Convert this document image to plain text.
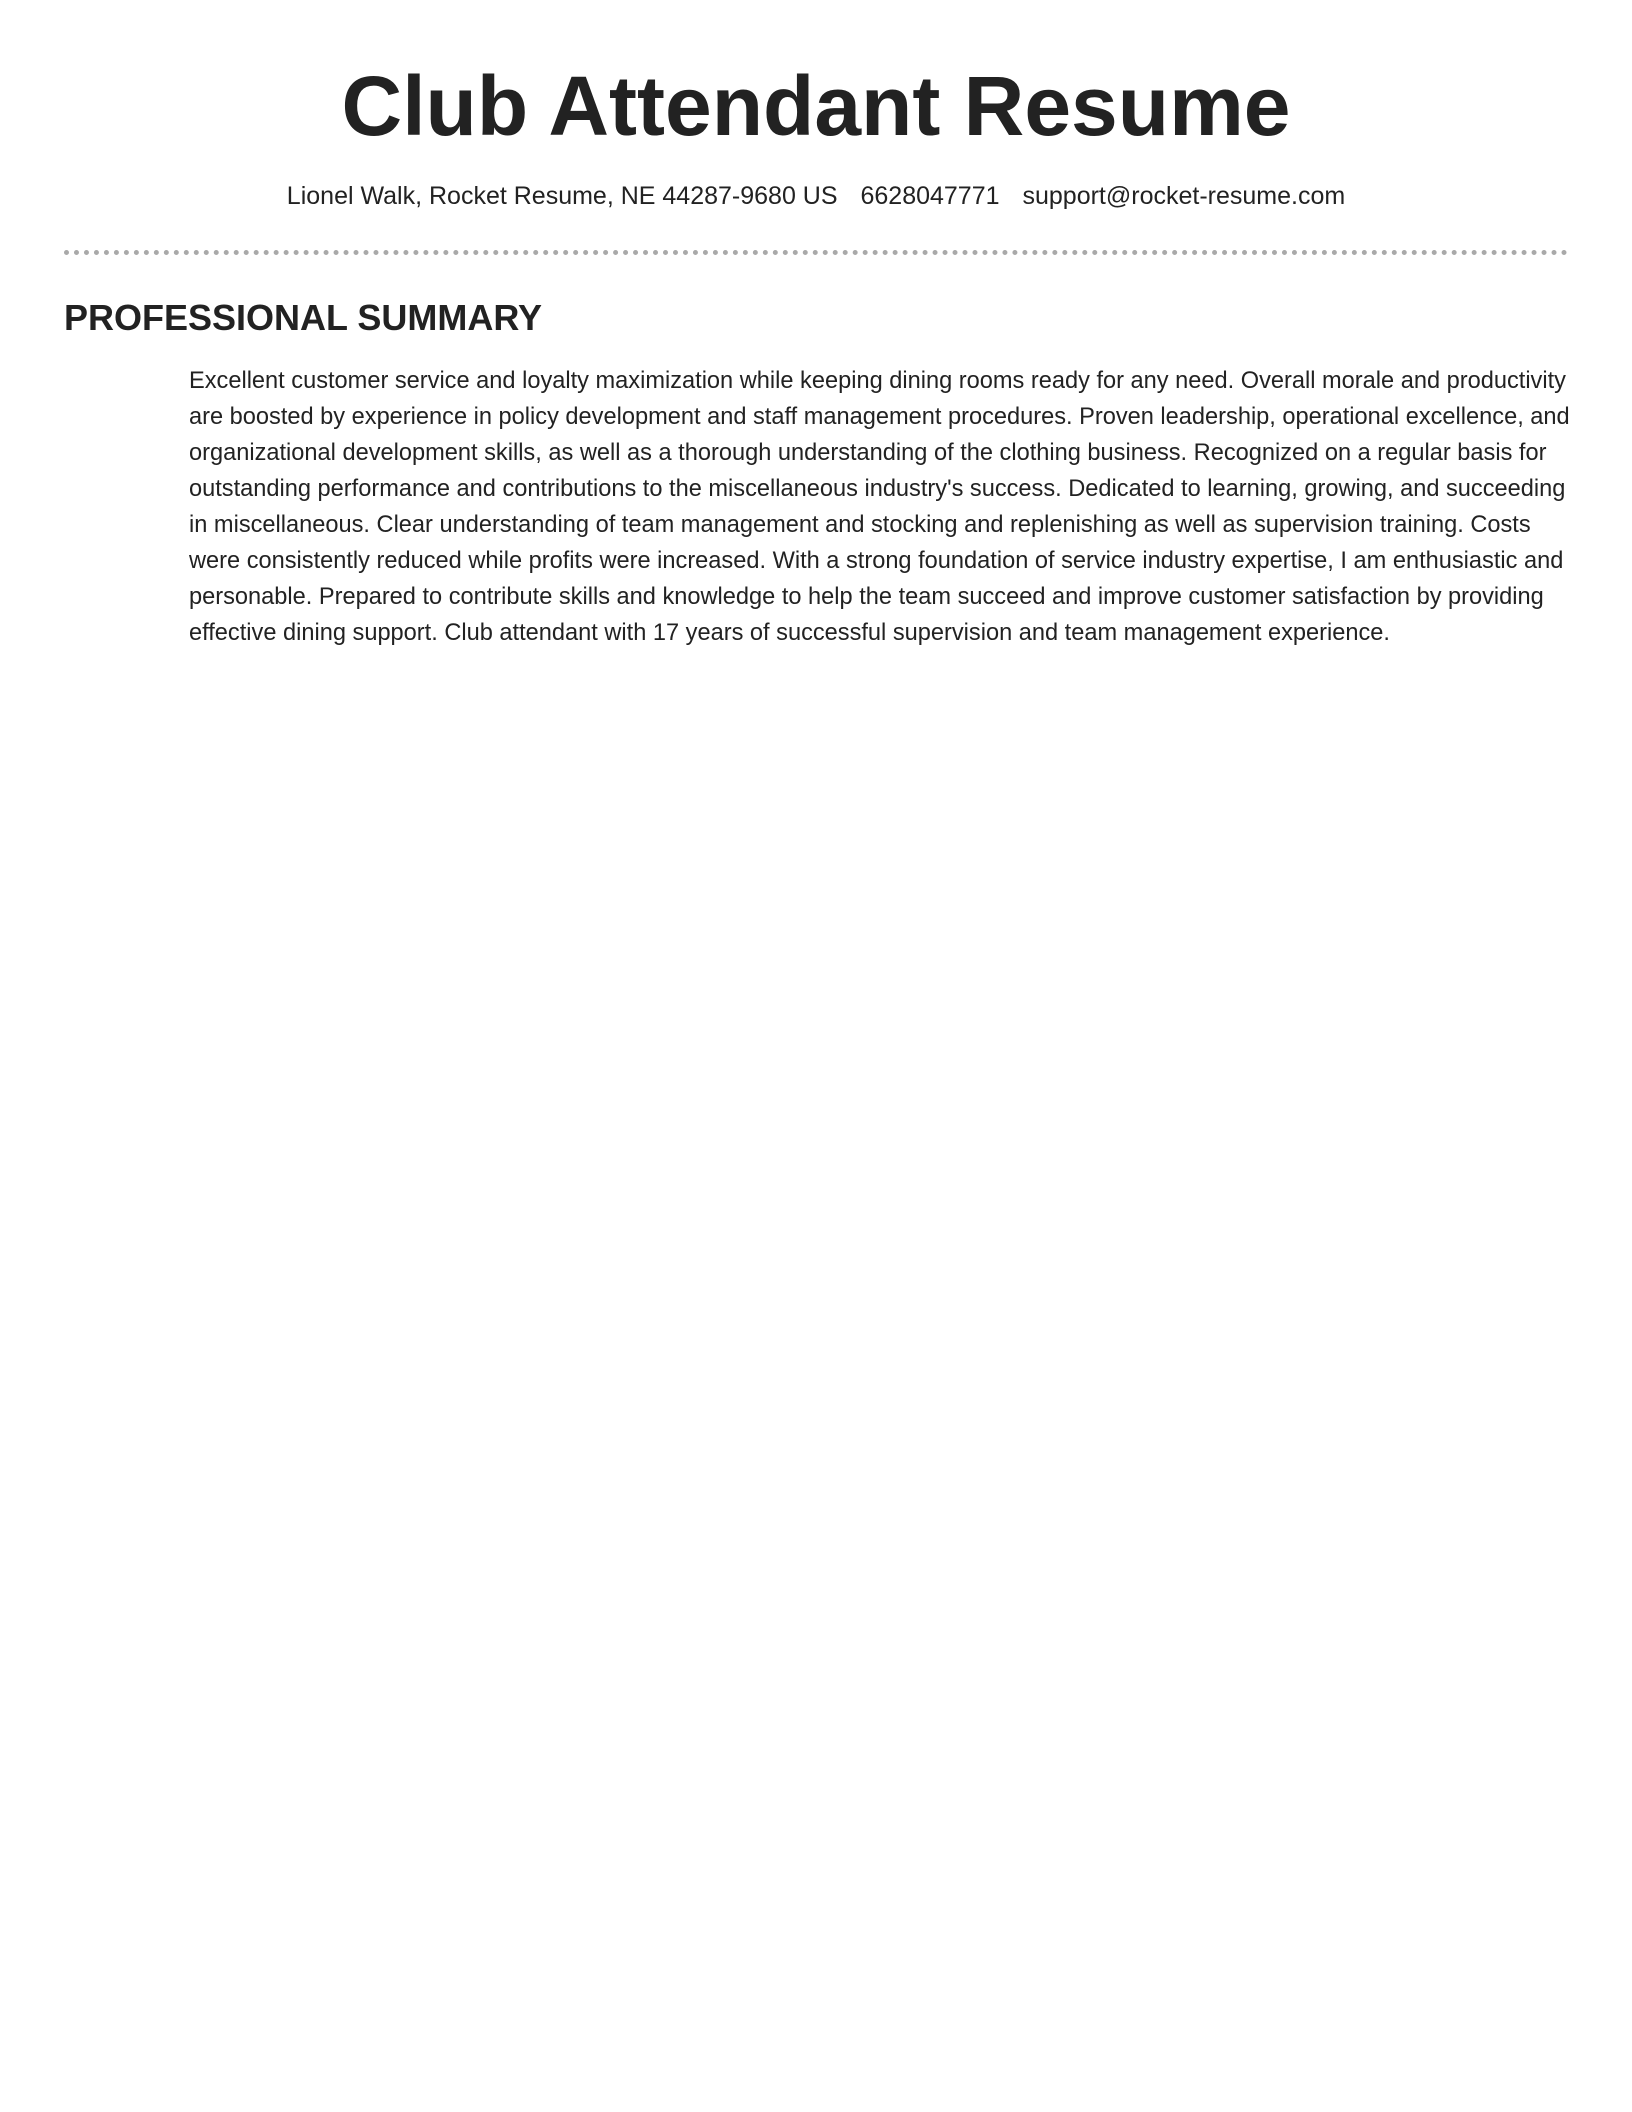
Club Attendant Resume
Lionel Walk, Rocket Resume, NE 44287-9680 US 6628047771 support@rocket-resume.com
PROFESSIONAL SUMMARY

Excellent customer service and loyalty maximization while keeping dining rooms ready for any need. Overall morale and productivity are boosted by experience in policy development and staff management procedures. Proven leadership, operational excellence, and organizational development skills, as well as a thorough understanding of the clothing business. Recognized on a regular basis for outstanding performance and contributions to the miscellaneous industry's success. Dedicated to learning, growing, and succeeding in miscellaneous. Clear understanding of team management and stocking and replenishing as well as supervision training. Costs were consistently reduced while profits were increased. With a strong foundation of service industry expertise, I am enthusiastic and personable. Prepared to contribute skills and knowledge to help the team succeed and improve customer satisfaction by providing effective dining support. Club attendant with 17 years of successful supervision and team management experience.
